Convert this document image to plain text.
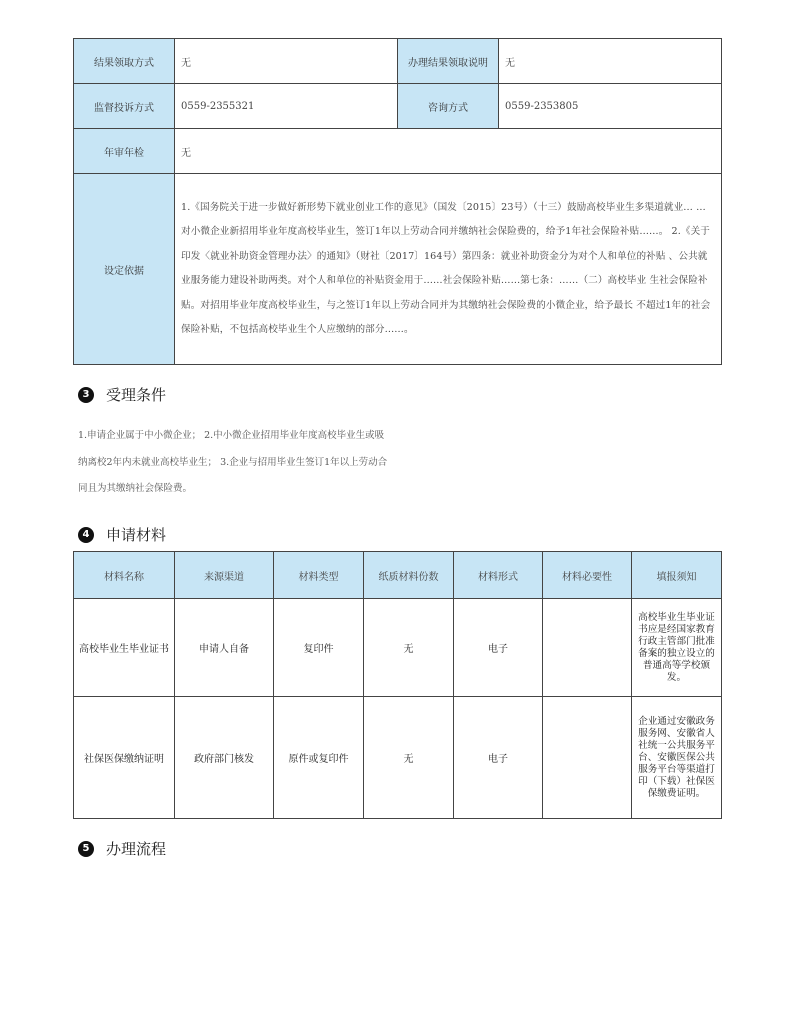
结果领取方式	无	办理结果领取说明	无
监督投诉方式	0559-2355321	咨询方式	0559-2353805
年审年检	无		
设定依据	1.《国务院关于进一步做好新形势下就业创业工作的意见》（国发〔2015〕23号）（十三）鼓励高校毕业生多渠道就业… …对小微企业新招用毕业年度高校毕业生，签订1年以上劳动合同并缴纳社会保险费的，给予1年社会保险补贴……。 2.《关于印发〈就业补助资金管理办法〉的通知》（财社〔2017〕164号）第四条：就业补助资金分为对个人和单位的补贴 、公共就业服务能力建设补助两类。对个人和单位的补贴资金用于……社会保险补贴……第七条：……（二）高校毕业 生社会保险补贴。对招用毕业年度高校毕业生，与之签订1年以上劳动合同并为其缴纳社会保险费的小微企业，给予最长 不超过1年的社会保险补贴，不包括高校毕业生个人应缴纳的部分……。		
3	受理条件
1.申请企业属于中小微企业； 2.中小微企业招用毕业年度高校毕业生或吸
纳离校2年内未就业高校毕业生； 3.企业与招用毕业生签订1年以上劳动合
同且为其缴纳社会保险费。
4	申请材料
材料名称	来源渠道	材料类型	纸质材料份数	材料形式	材料必要性	填报须知
高校毕业生毕业证书	申请人自备	复印件	无	电子		高校毕业生毕业证书应是经国家教育行政主管部门批准备案的独立设立的普通高等学校颁发。
社保医保缴纳证明	政府部门核发	原件或复印件	无	电子		企业通过安徽政务服务网、安徽省人社统一公共服务平台、安徽医保公共服务平台等渠道打印（下载）社保医保缴费证明。
5	办理流程
